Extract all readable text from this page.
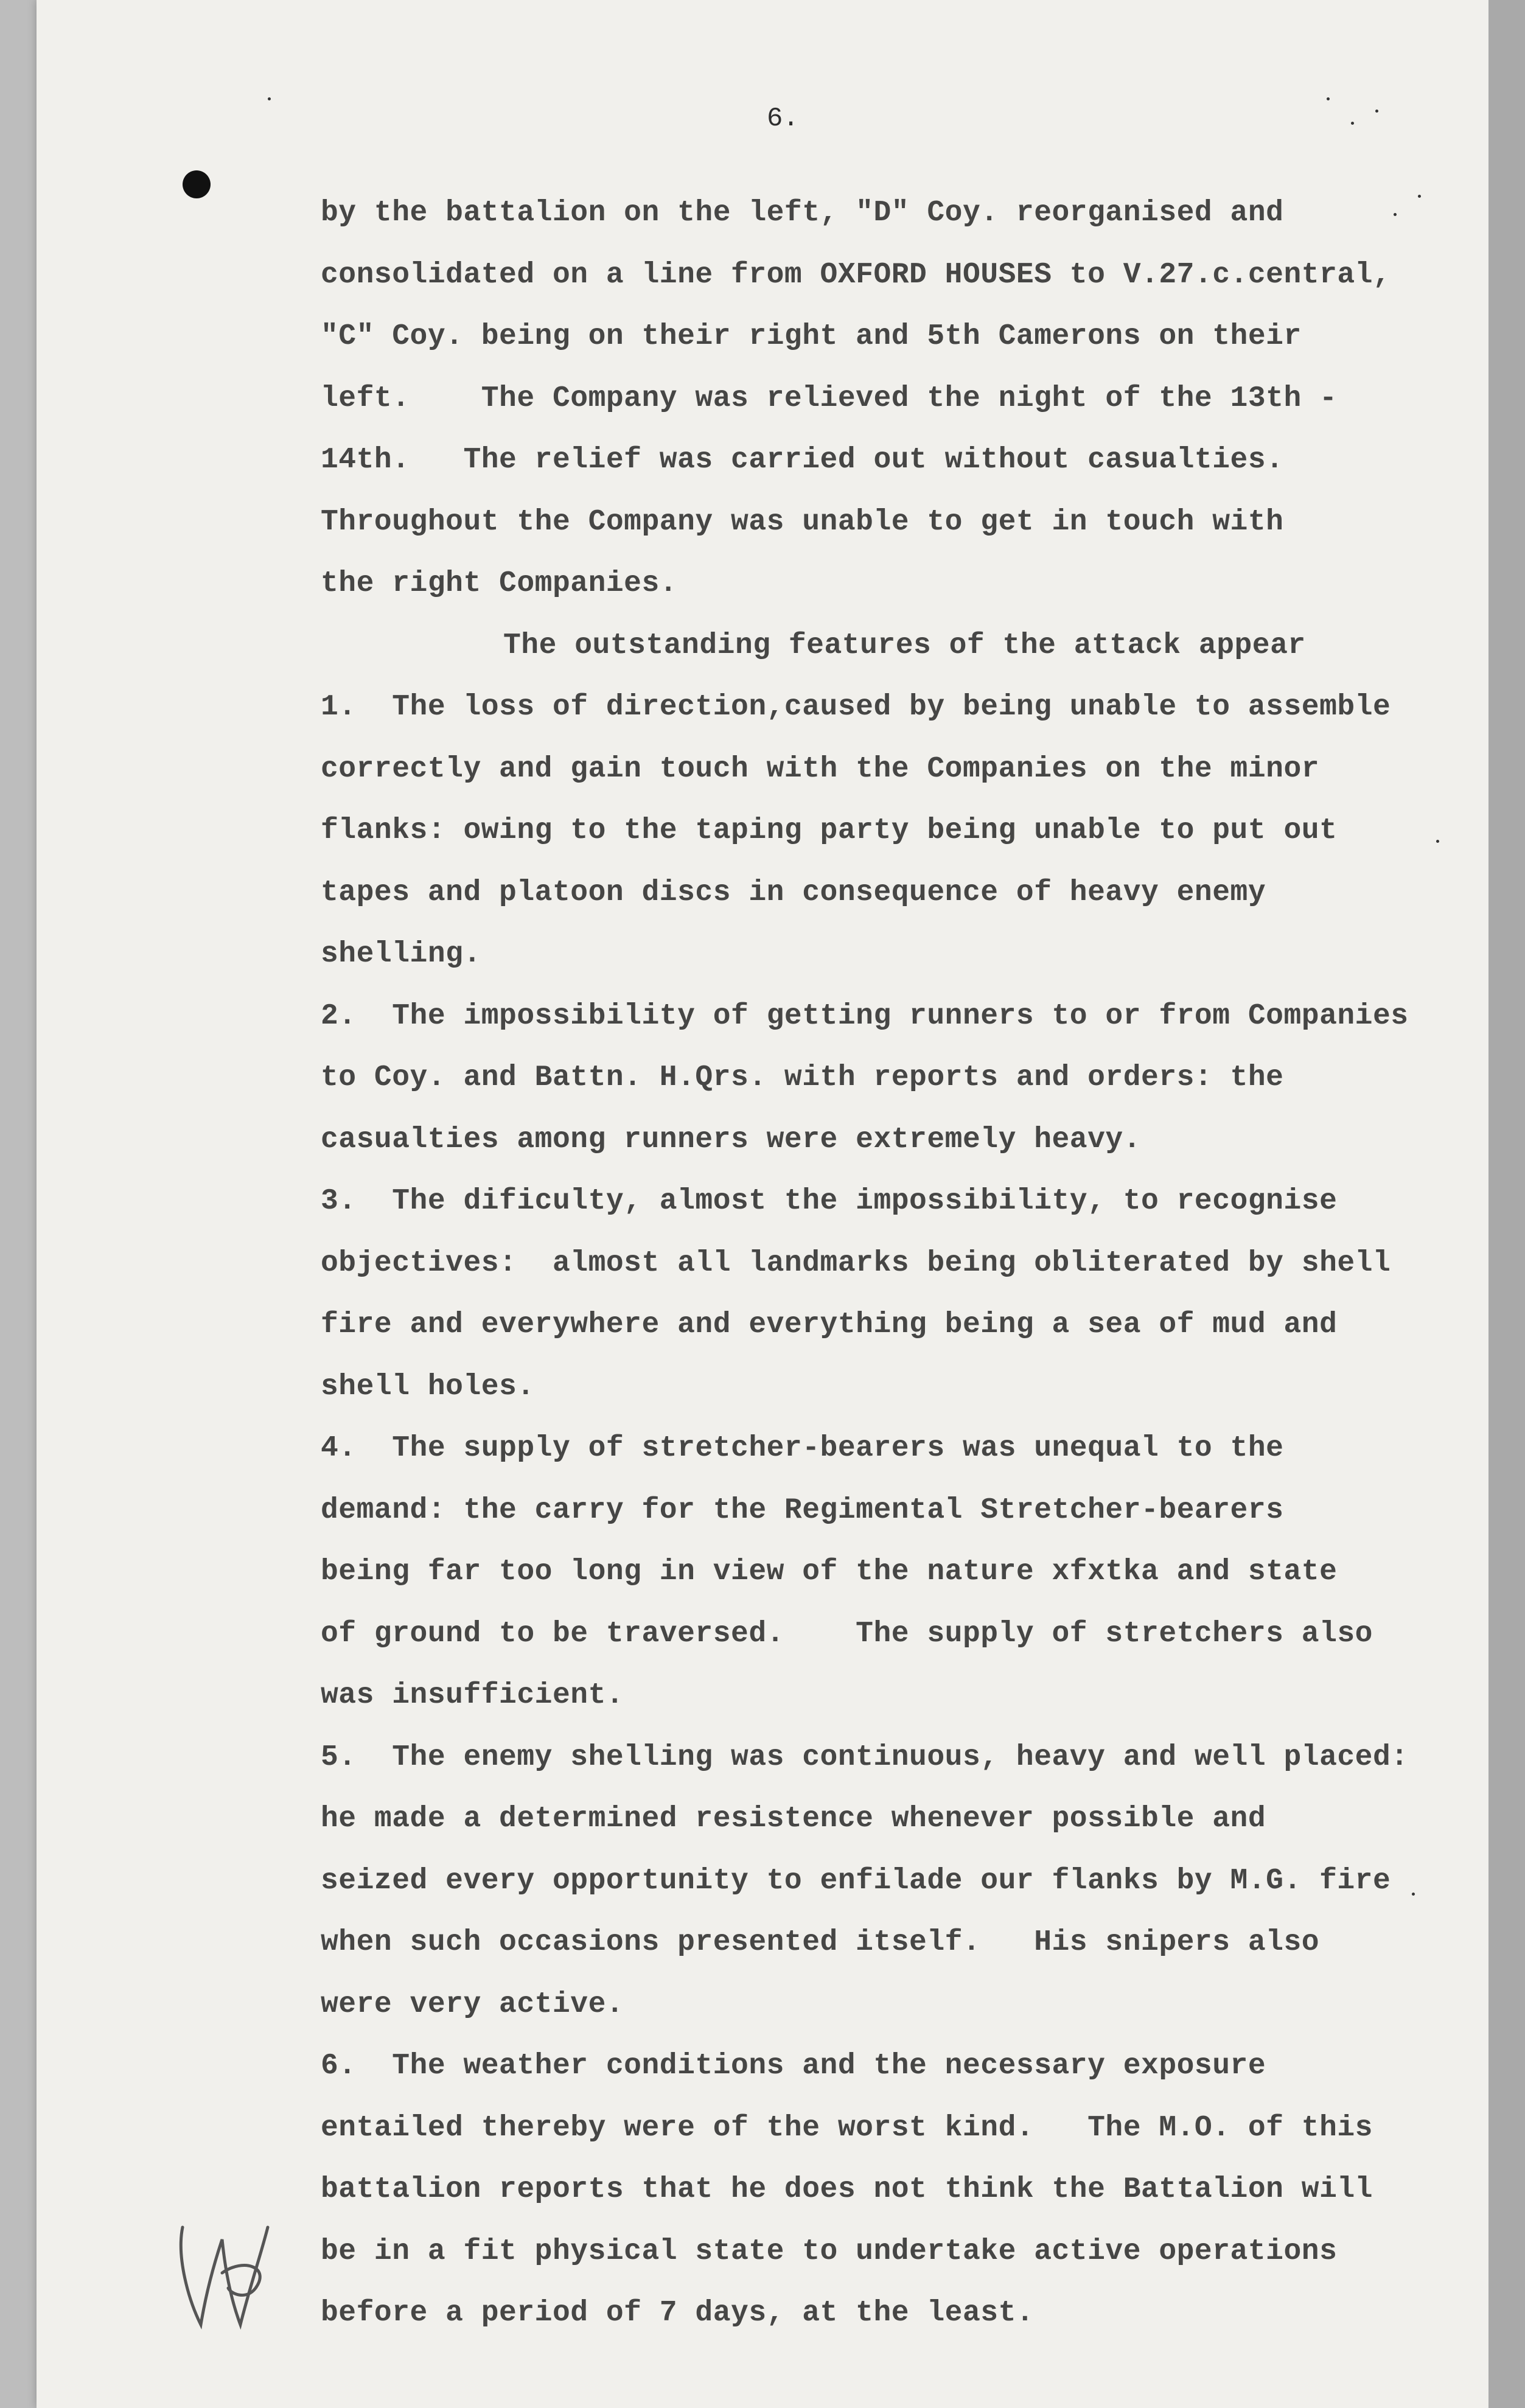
6.
by the battalion on the left, "D" Coy. reorganised and
consolidated on a line from OXFORD HOUSES to V.27.c.central,
"C" Coy. being on their right and 5th Camerons on their
left.    The Company was relieved the night of the 13th -
14th.   The relief was carried out without casualties.
Throughout the Company was unable to get in touch with
the right Companies.
The outstanding features of the attack appear
1.  The loss of direction,caused by being unable to assemble
correctly and gain touch with the Companies on the minor
flanks: owing to the taping party being unable to put out
tapes and platoon discs in consequence of heavy enemy
shelling.
2.  The impossibility of getting runners to or from Companies
to Coy. and Battn. H.Qrs. with reports and orders: the
casualties among runners were extremely heavy.
3.  The dificulty, almost the impossibility, to recognise
objectives:  almost all landmarks being obliterated by shell
fire and everywhere and everything being a sea of mud and
shell holes.
4.  The supply of stretcher-bearers was unequal to the
demand: the carry for the Regimental Stretcher-bearers
being far too long in view of the nature xfxtka and state
of ground to be traversed.    The supply of stretchers also
was insufficient.
5.  The enemy shelling was continuous, heavy and well placed:
he made a determined resistence whenever possible and
seized every opportunity to enfilade our flanks by M.G. fire
when such occasions presented itself.   His snipers also
were very active.
6.  The weather conditions and the necessary exposure
entailed thereby were of the worst kind.   The M.O. of this
battalion reports that he does not think the Battalion will
be in a fit physical state to undertake active operations
before a period of 7 days, at the least.
